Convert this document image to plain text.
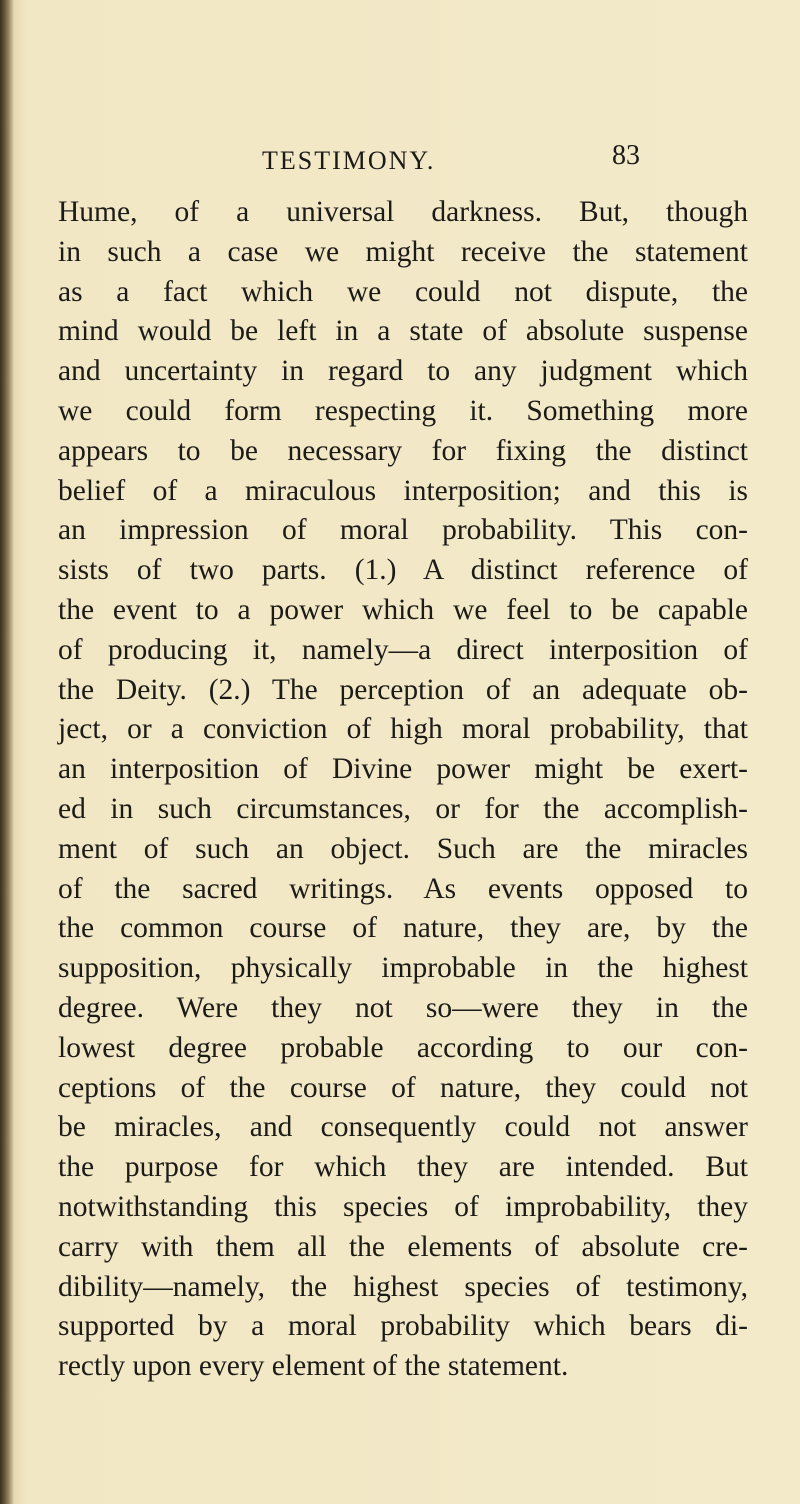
TESTIMONY.	83
Hume, of a universal darkness. But, though
in such a case we might receive the statement
as a fact which we could not dispute, the
mind would be left in a state of absolute suspense
and uncertainty in regard to any judgment which
we could form respecting it. Something more
appears to be necessary for fixing the distinct
belief of a miraculous interposition; and this is
an impression of moral probability. This con-
sists of two parts. (1.) A distinct reference of
the event to a power which we feel to be capable
of producing it, namely—a direct interposition of
the Deity. (2.) The perception of an adequate ob-
ject, or a conviction of high moral probability, that
an interposition of Divine power might be exert-
ed in such circumstances, or for the accomplish-
ment of such an object. Such are the miracles
of the sacred writings. As events opposed to
the common course of nature, they are, by the
supposition, physically improbable in the highest
degree. Were they not so—were they in the
lowest degree probable according to our con-
ceptions of the course of nature, they could not
be miracles, and consequently could not answer
the purpose for which they are intended. But
notwithstanding this species of improbability, they
carry with them all the elements of absolute cre-
dibility—namely, the highest species of testimony,
supported by a moral probability which bears di-
rectly upon every element of the statement.
